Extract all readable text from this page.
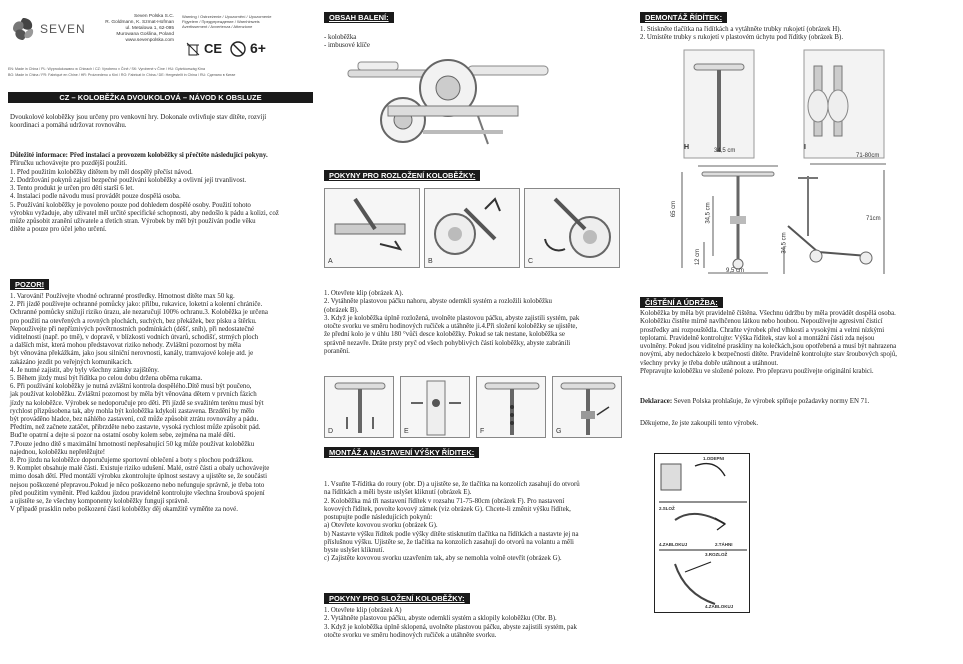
SEVEN
Seven Polska S.C.
R. Goldmann, K. Szmat-Hofman
ul. Metalowa 1, 62-095
Murowana Goślina, Poland
www.sevenpolska.com
Warning / Ostrzeżenie / Upozornění / Upozornenie
Figyelem / Предупреждение / Warnhinweis
Avertissement / Avvertenza / Attenzione
CE 6+
EN: Made in China / PL: Wyprodukowano w Chinach / CZ: Vyrobeno v Číně / SK: Vyrobené v Číne / HU: Gyártóország Kína
BG: Made in China / FR: Fabriqué en Chine / HR: Proizvedeno u Kini / RO: Fabricat în China / DE: Hergestellt in China / RU: Сделано в Китае
CZ – KOLOBĚŽKA DVOUKOLOVÁ – NÁVOD K OBSLUZE
Dvoukolové koloběžky jsou určeny pro venkovní hry. Dokonale ovlivňuje stav dítěte, rozvíjí
koordinaci a pomáhá udržovat rovnováhu.
Důležité informace: Před instalací a provozem koloběžky si přečtěte následující pokyny.
Příručku uchovávejte pro pozdější použití.
1. Před použitím koloběžky dítětem by měl dospělý přečíst návod.
2. Dodržování pokynů zajistí bezpečné používání koloběžky a ovlivní její trvanlivost.
3. Tento produkt je určen pro děti starší 6 let.
4. Instalaci podle návodu musí provádět pouze dospělá osoba.
5. Používání koloběžky je povoleno pouze pod dohledem dospělé osoby. Použití tohoto
výrobku vyžaduje, aby uživatel měl určité specifické schopnosti, aby nedošlo k pádu a kolizi, což
může způsobit zranění uživatele a třetích stran. Výrobek by měl být používán podle věku
dítěte a pouze pro účel jeho určení.
POZOR!
1. Varování! Používejte vhodné ochranné prostředky. Hmotnost dítěte max 50 kg.
2. Při jízdě používejte ochranné pomůcky jako: přilbu, rukavice, loketní a kolenní chrániče.
Ochranné pomůcky snižují riziko úrazu, ale nezaručují 100% ochranu.3. Koloběžka je určena
pro použití na otevřených a rovných plochách, suchých, bez překážek, bez písku a štěrku.
Nepoužívejte při nepříznivých povětrnostních podmínkách (déšť, sníh), při nedostatečné
viditelnosti (např. po tmě), v dopravě, v blízkosti vodních útvarů, schodišť, strmých ploch
a dalších míst, která mohou představovat riziko nehody. Zvláštní pozornost by měla
být věnována překážkám, jako jsou silniční nerovnosti, kanály, tramvajové koleje atd. je
zakázáno jezdit po veřejných komunikacích.
4. Je nutné zajistit, aby byly všechny zámky zajištěny.
5. Během jízdy musí být řídítka po celou dobu držena oběma rukama.
6. Při používání koloběžky je nutná zvláštní kontrola dospělého.Dítě musí být poučeno,
jak používat koloběžku. Zvláštní pozornost by měla být věnována dětem v prvních fázích
jízdy na koloběžce. Výrobek se nedoporučuje pro děti. Při jízdě se svažitém terénu musí být
rychlost přizpůsobena tak, aby mohla být koloběžka kdykoli zastavena. Brzdění by mělo
být prováděno hladce, bez náhlého zastavení, což může způsobit ztrátu rovnováhy a pádu.
Předtím, než začnete zatáčet, přibrzděte nebo zastavte, vysoká rychlost může způsobit pád.
Buďte opatrní a dejte si pozor na ostatní osoby kolem sebe, zejména na malé děti.
7.Pouze jedno dítě s maximální hmotností nepřesahující 50 kg může používat koloběžku
najednou, koloběžku nepřetěžujte!
8. Pro jízdu na koloběžce doporučujeme sportovní oblečení a boty s plochou podrážkou.
9. Komplet obsahuje malé části. Existuje riziko udušení. Malé, ostré části a obaly uchovávejte
mimo dosah dětí. Před montáží výrobku zkontrolujte úplnost sestavy a ujistěte se, že součásti
nejsou poškozené přepravou.Pokud je něco poškozeno nebo nefunguje správně, je třeba toto
před použitím vyměnit. Před každou jízdou pravidelně kontrolujte všechna šroubová spojení
a ujistěte se, že všechny komponenty koloběžky fungují správně.
V případě prasklin nebo poškození částí koloběžky děj okamžitě vyměňte za nové.
OBSAH BALENÍ:
- koloběžka
- imbusové klíče
POKYNY PRO ROZLOŽENÍ KOLOBĚŽKY:
A	B	C
1. Otevřete klip (obrázek A).
2. Vytáhněte plastovou páčku nahoru, abyste odemkli systém a rozložili koloběžku
(obrázek B).
3. Když je koloběžka úplně rozložená, uvolněte plastovou páčku, abyste zajistili systém, pak
otočte svorku ve směru hodinových ručiček a utáhněte ji.4.Při složení koloběžky se ujistěte,
že přední kolo je v úhlu 180 °vůči desce koloběžky. Pokud se tak nestane, koloběžka se
správně nezavře. Dráte prsty pryč od všech pohyblivých částí koloběžky, abyste zabránili
poranění.
D	E	F	G
MONTÁŽ A NASTAVENÍ VÝŠKY ŘÍDITEK:
1. Vsuňte T-řídítka do roury (obr. D) a ujistěte se, že tlačítka na konzolích zasahují do otvorů
na řídítkách a měli byste uslyšet kliknutí (obrázek E).
2. Koloběžka má tři nastavení řídítek v rozsahu 71-75-80cm (obrázek F). Pro nastavení
kovových řídítek, povolte kovový zámek (viz obrázek G). Chcete-li změnit výšku řídítek,
postupujte podle následujících pokynů:
a) Otevřete kovovou svorku (obrázek G).
b) Nastavte výšku řídítek podle výšky dítěte stisknutím tlačítka na řídítkách a nastavte jej na
příslušnou výšku. Ujistěte se, že tlačítka na konzolích zasahují do otvorů na volantu a měli
byste uslyšet kliknutí.
c) Zajistěte kovovou svorku uzavřením tak, aby se nemohla volně otevřít (obrázek G).
POKYNY PRO SLOŽENÍ KOLOBĚŽKY:
1. Otevřete klip (obrázek A)
2. Vytáhněte plastovou páčku, abyste odemkli systém a sklopily koloběžku (Obr. B).
3. Když je koloběžka úplně sklopená, uvolněte plastovou páčku, abyste zajistili systém, pak
otočte svorku ve směru hodinových ručiček a utáhněte svorku.
DEMONTÁŽ ŘÍDÍTEK:
1. Stiskněte tlačítka na řídítkách a vytáhněte trubky rukojetí (obrázek H).
2. Umístěte trubky s rukojetí v plastovém úchytu pod řídítky (obrázek B).
H	I
34,5 cm
71-80cm
65 cm	34,5 cm	71cm
12 cm
9,5 cm
34,5 cm
ČIŠTĚNÍ A ÚDRŽBA:
Koloběžka by měla být pravidelně čištěna. Všechnu údržbu by měla provádět dospělá osoba.
Koloběžku čistěte mírně navlhčenou látkou nebo houbou. Nepoužívejte agresivní čisticí
prostředky ani rozpouštědla. Chraňte výrobek před vlhkostí a vysokými a velmi nízkými
teplotami. Pravidelně kontrolujte: Výška řídítek, stav kol a montážní části zda nejsou
uvolněny. Pokud jsou viditelné praskliny na kolečkách,jsou opotřebená a musí být nahrazena
novými, aby nedocházelo k bezpečnosti dítěte. Pravidelně kontrolujte stav šroubových spojů,
všechny prvky je třeba dobře utáhnout a utáhnout.
Přepravujte koloběžku ve složené poloze. Pro přepravu používejte originální krabici.
Deklarace: Seven Polska prohlašuje, že výrobek splňuje požadavky normy EN 71.
Děkujeme, že jste zakoupili tento výrobek.
1.ODEPNI
2.SLOŽ
4.ZABLOKUJ
3.ROZLOŽ
2.TÁHNI
4.ZABLOKUJ
